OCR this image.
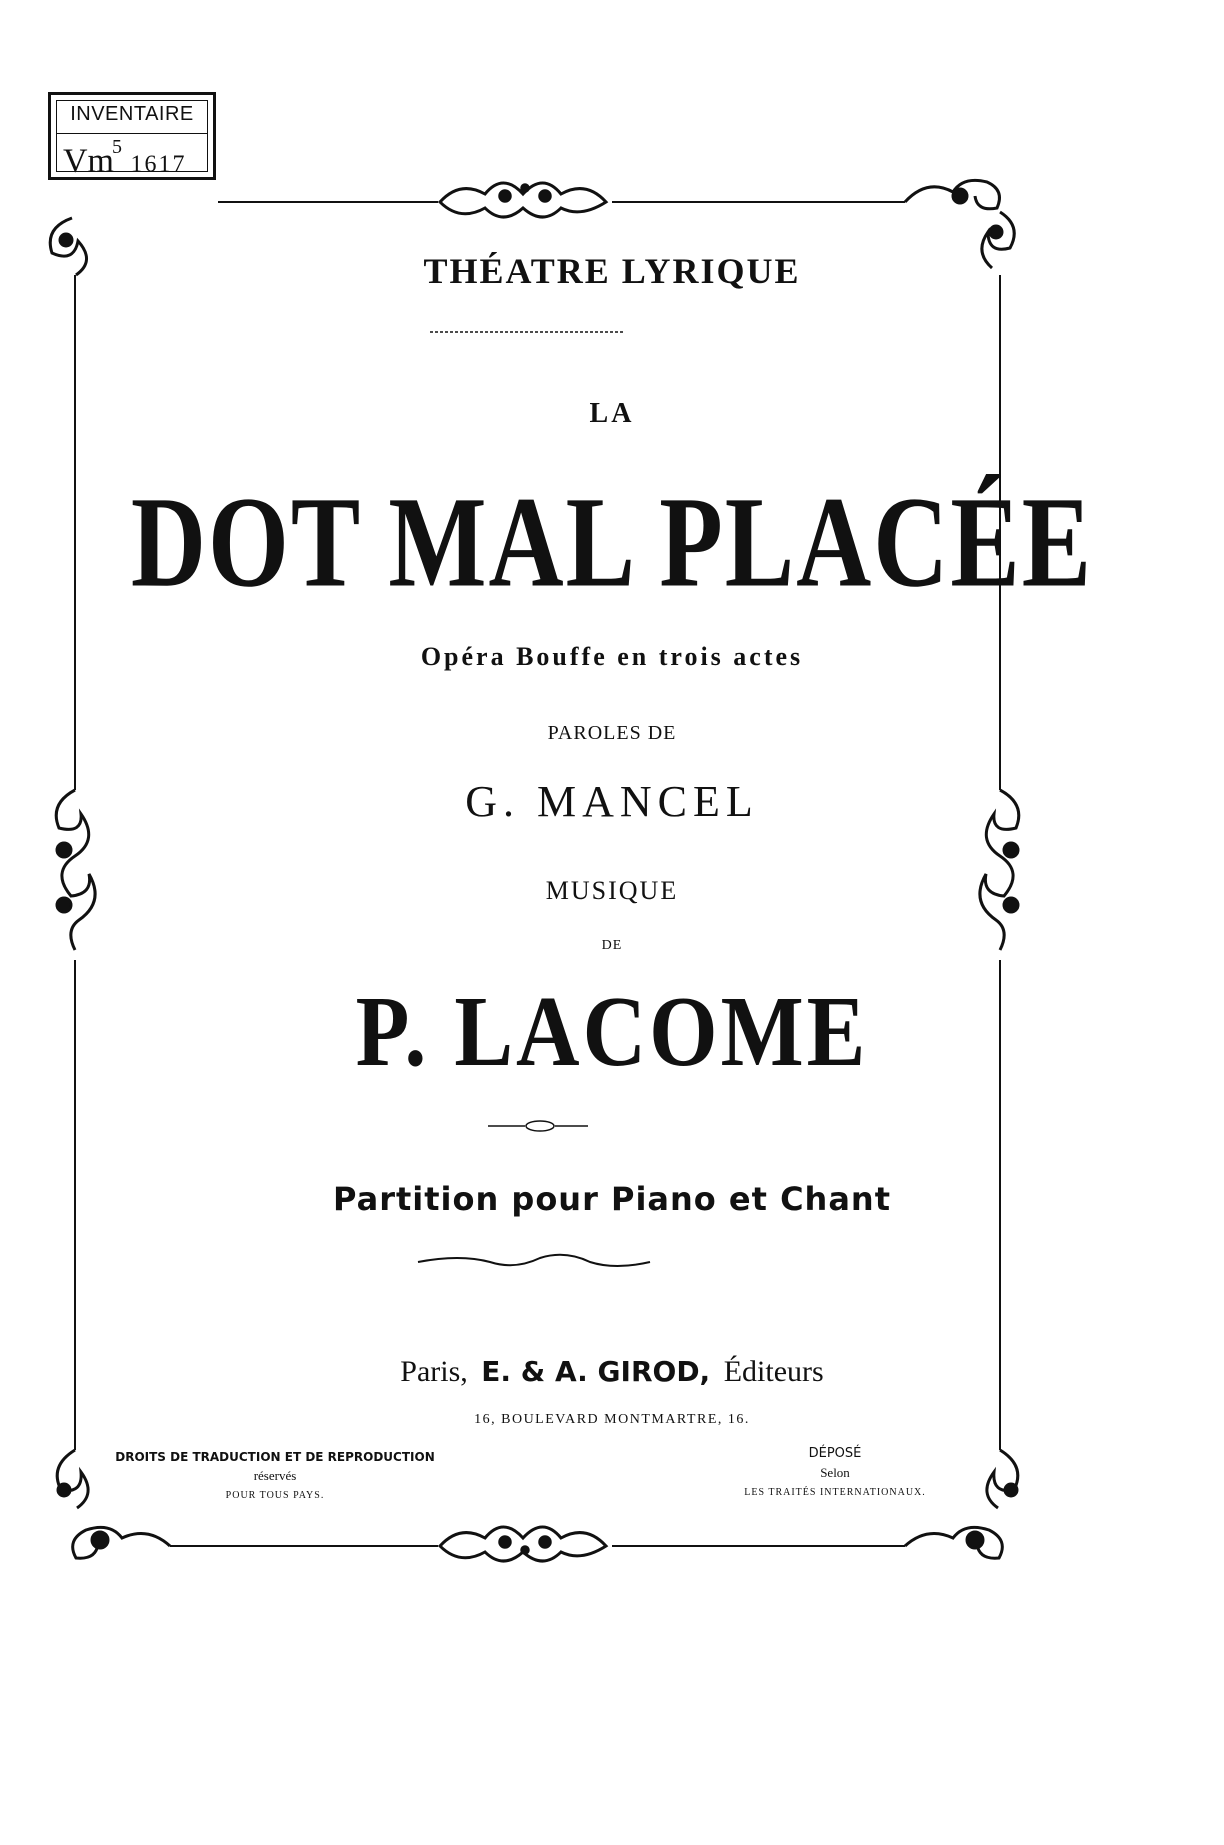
INVENTAIRE
Vm$^5$ 1617
THÉATRE LYRIQUE
LA
DOT MAL PLACÉE
Opéra Bouffe en trois actes
PAROLES DE
G. MANCEL
MUSIQUE
DE
P. LACOME
Partition pour Piano et Chant
Paris, E. & A. GIROD, Éditeurs
16, BOULEVARD MONTMARTRE, 16.
DROITS DE TRADUCTION ET DE REPRODUCTION
réservés
POUR TOUS PAYS.
DÉPOSÉ
Selon
LES TRAITÉS INTERNATIONAUX.
